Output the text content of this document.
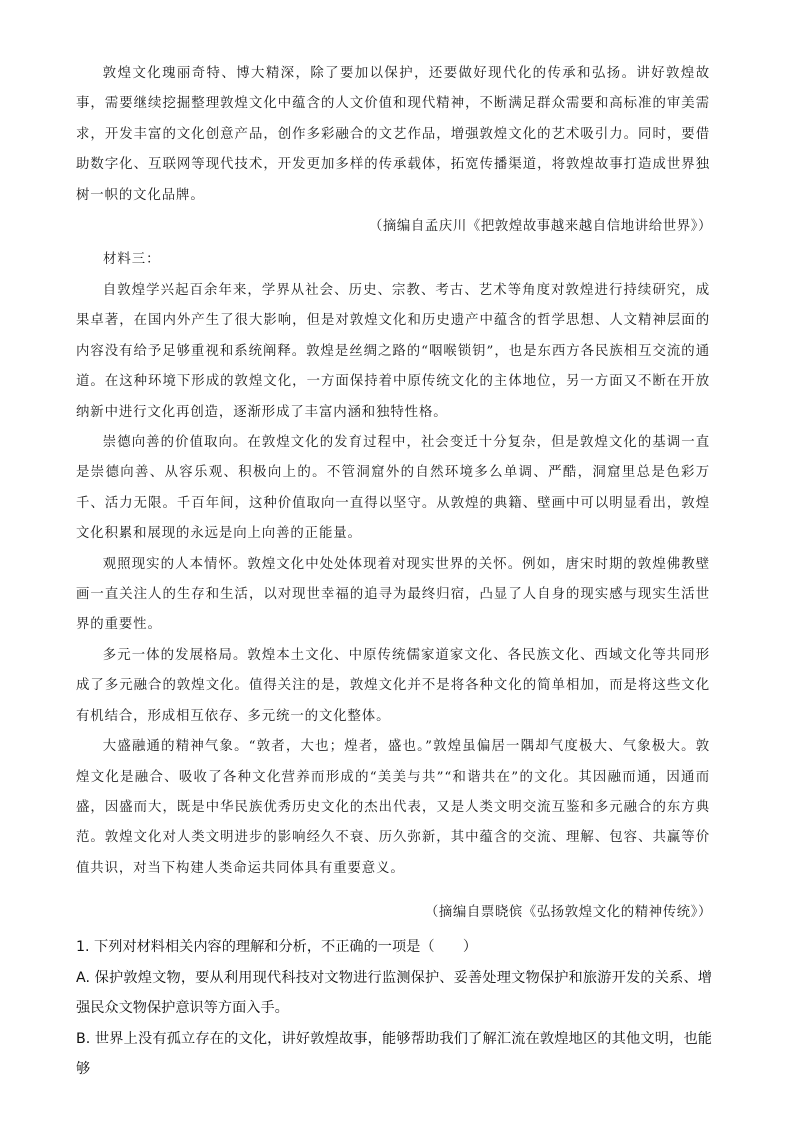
敦煌文化瑰丽奇特、博大精深，除了要加以保护，还要做好现代化的传承和弘扬。讲好敦煌故事，需要继续挖掘整理敦煌文化中蕴含的人文价值和现代精神，不断满足群众需要和高标准的审美需求，开发丰富的文化创意产品，创作多彩融合的文艺作品，增强敦煌文化的艺术吸引力。同时，要借助数字化、互联网等现代技术，开发更加多样的传承载体，拓宽传播渠道，将敦煌故事打造成世界独树一帜的文化品牌。

（摘编自孟庆川《把敦煌故事越来越自信地讲给世界》）
材料三：

自敦煌学兴起百余年来，学界从社会、历史、宗教、考古、艺术等角度对敦煌进行持续研究，成果卓著，在国内外产生了很大影响，但是对敦煌文化和历史遗产中蕴含的哲学思想、人文精神层面的内容没有给予足够重视和系统阐释。敦煌是丝绸之路的“咽喉锁钥”，也是东西方各民族相互交流的通道。在这种环境下形成的敦煌文化，一方面保持着中原传统文化的主体地位，另一方面又不断在开放纳新中进行文化再创造，逐渐形成了丰富内涵和独特性格。

崇德向善的价值取向。在敦煌文化的发育过程中，社会变迁十分复杂，但是敦煌文化的基调一直是崇德向善、从容乐观、积极向上的。不管洞窟外的自然环境多么单调、严酷，洞窟里总是色彩万千、活力无限。千百年间，这种价值取向一直得以坚守。从敦煌的典籍、壁画中可以明显看出，敦煌文化积累和展现的永远是向上向善的正能量。

观照现实的人本情怀。敦煌文化中处处体现着对现实世界的关怀。例如，唐宋时期的敦煌佛教壁画一直关注人的生存和生活，以对现世幸福的追寻为最终归宿，凸显了人自身的现实感与现实生活世界的重要性。

多元一体的发展格局。敦煌本土文化、中原传统儒家道家文化、各民族文化、西域文化等共同形成了多元融合的敦煌文化。值得关注的是，敦煌文化并不是将各种文化的简单相加，而是将这些文化有机结合，形成相互依存、多元统一的文化整体。

大盛融通的精神气象。“敦者，大也；煌者，盛也。”敦煌虽偏居一隅却气度极大、气象极大。敦煌文化是融合、吸收了各种文化营养而形成的“美美与共”“和谐共在”的文化。其因融而通，因通而盛，因盛而大，既是中华民族优秀历史文化的杰出代表，又是人类文明交流互鉴和多元融合的东方典范。敦煌文化对人类文明进步的影响经久不衰、历久弥新，其中蕴含的交流、理解、包容、共赢等价值共识，对当下构建人类命运共同体具有重要意义。

（摘编自票晓傧《弘扬敦煌文化的精神传统》）

1. 下列对材料相关内容的理解和分析，不正确的一项是（　　）

A. 保护敦煌文物，要从利用现代科技对文物进行监测保护、妥善处理文物保护和旅游开发的关系、增强民众文物保护意识等方面入手。

B. 世界上没有孤立存在的文化，讲好敦煌故事，能够帮助我们了解汇流在敦煌地区的其他文明，也能够
